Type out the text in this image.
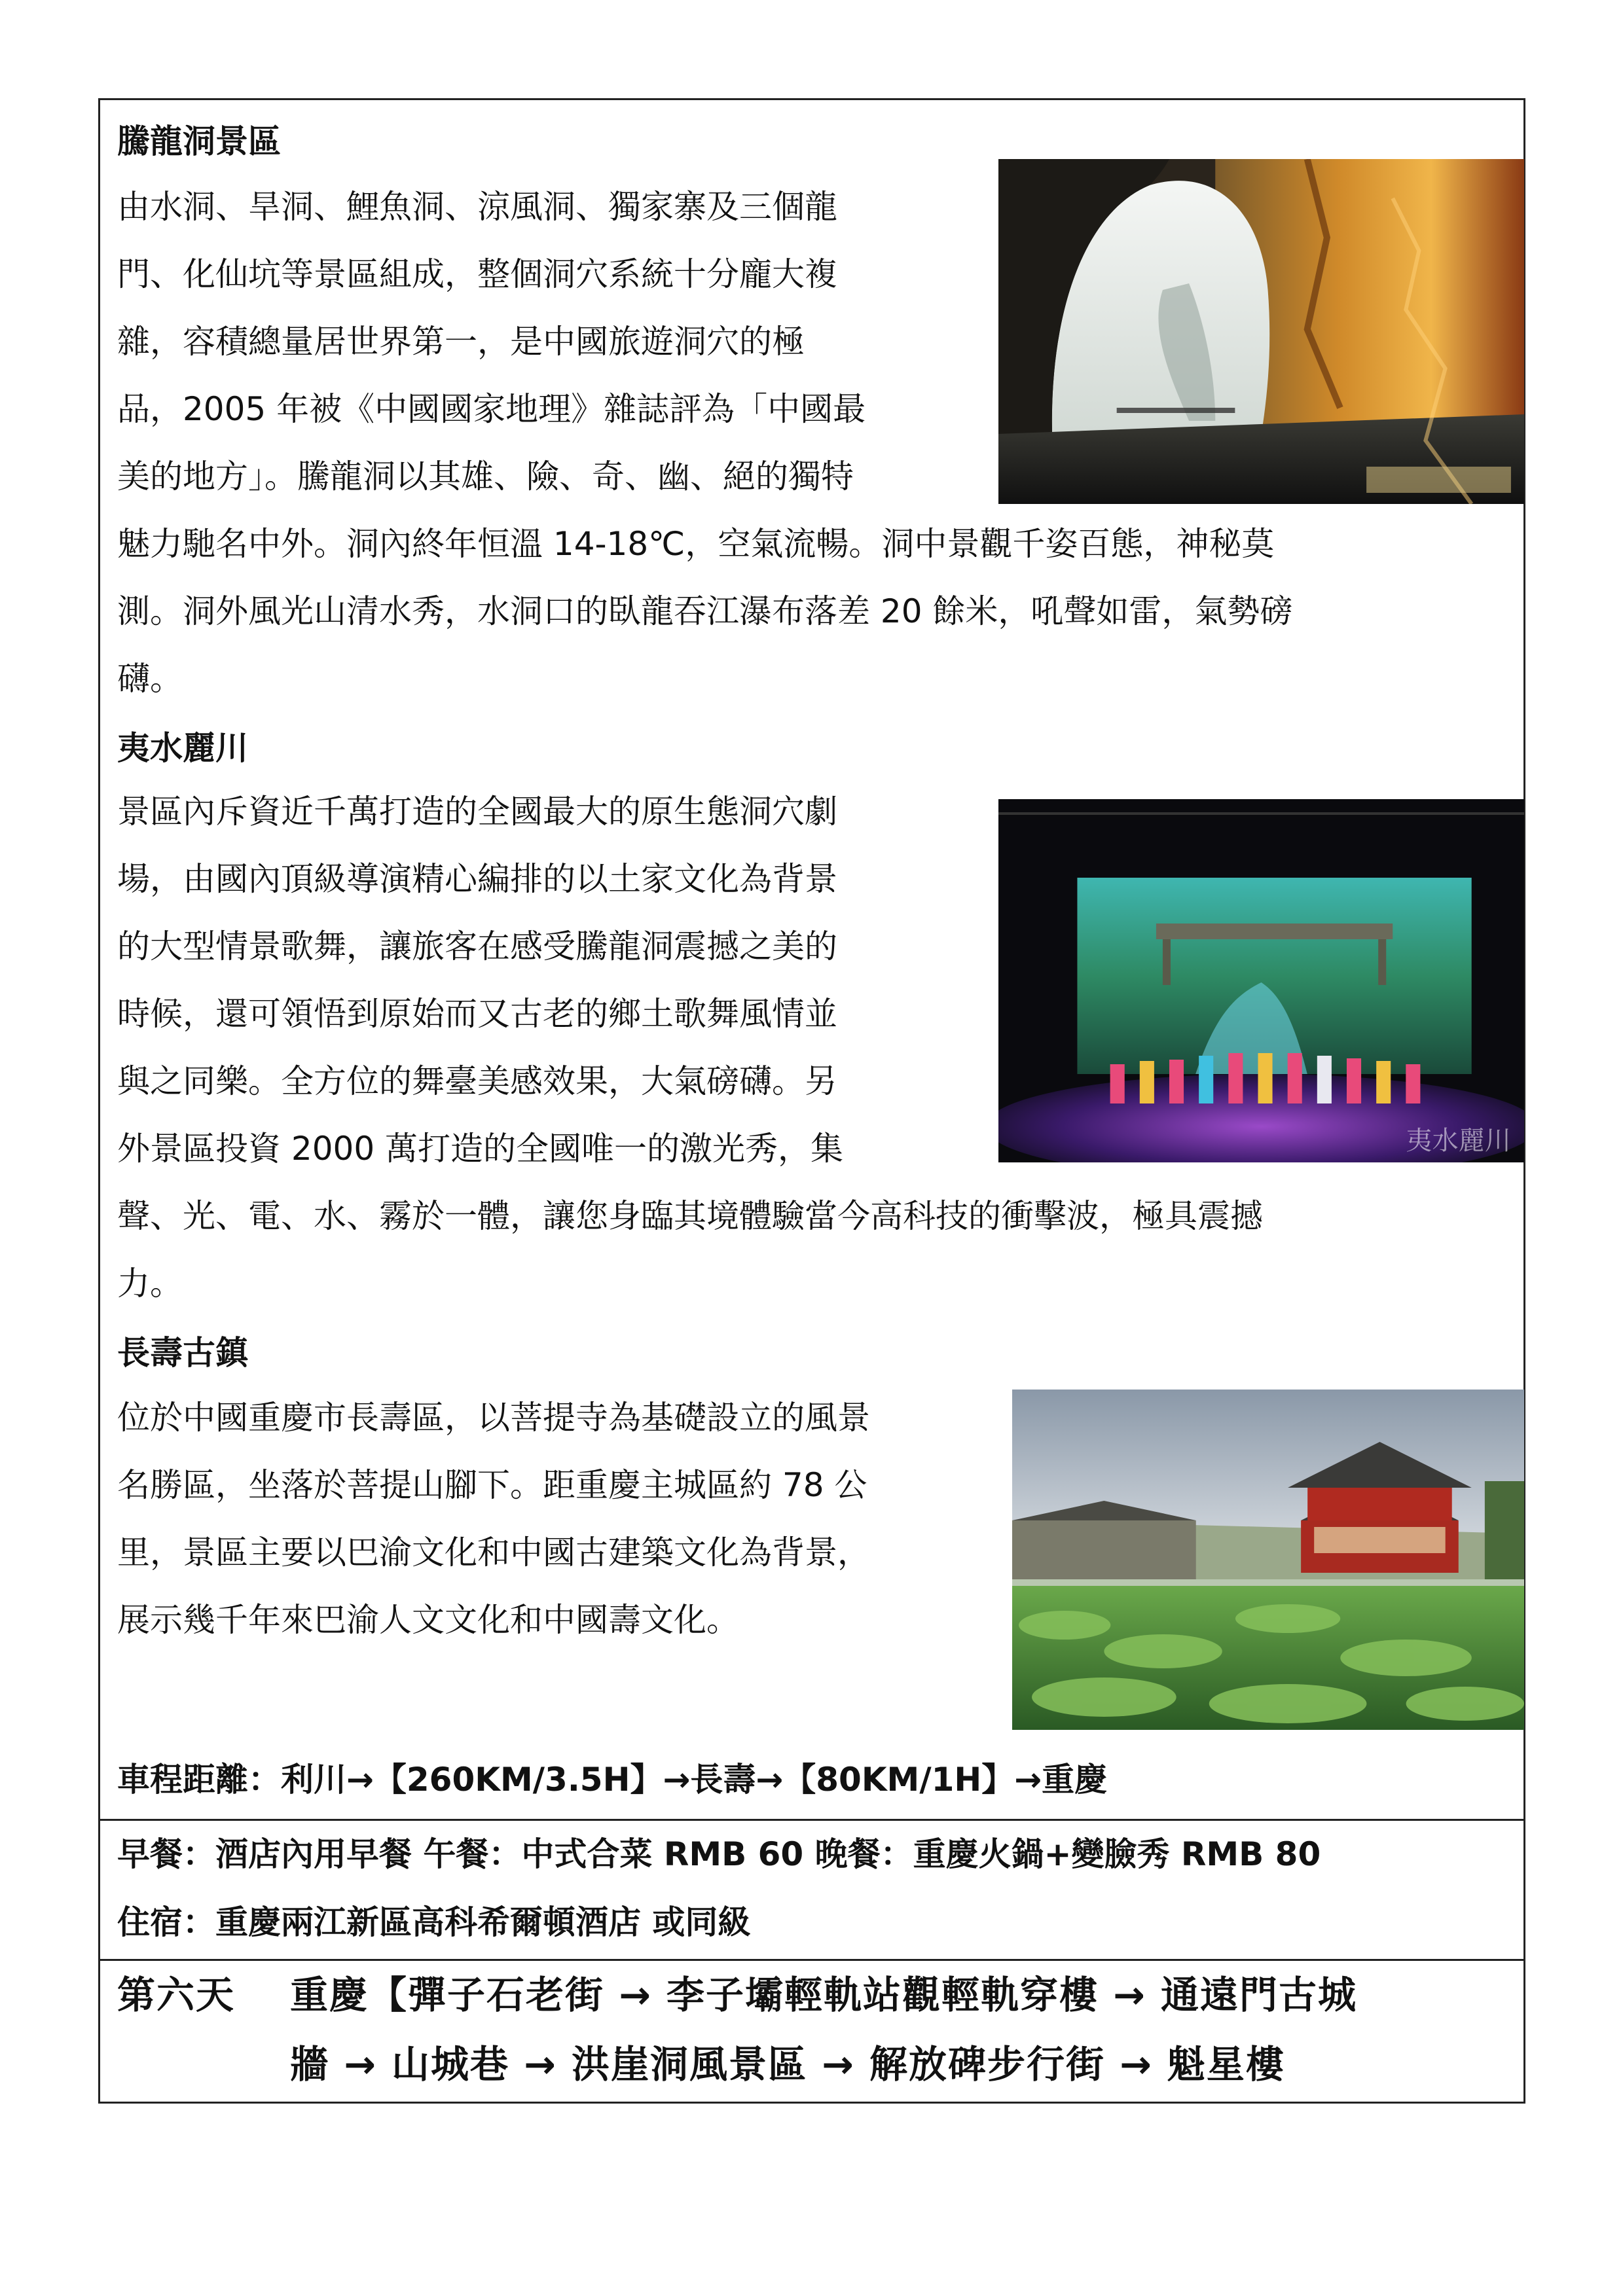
騰龍洞景區
由水洞、旱洞、鯉魚洞、涼風洞、獨家寨及三個龍
門、化仙坑等景區組成，整個洞穴系統十分龐大複
雜，容積總量居世界第一，是中國旅遊洞穴的極
品，2005 年被《中國國家地理》雜誌評為「中國最
美的地方」。騰龍洞以其雄、險、奇、幽、絕的獨特
魅力馳名中外。洞內終年恒溫 14-18℃，空氣流暢。洞中景觀千姿百態，神秘莫
測。洞外風光山清水秀，水洞口的臥龍吞江瀑布落差 20 餘米，吼聲如雷，氣勢磅
礴。
夷水麗川
景區內斥資近千萬打造的全國最大的原生態洞穴劇
場，由國內頂級導演精心編排的以土家文化為背景
的大型情景歌舞，讓旅客在感受騰龍洞震撼之美的
時候，還可領悟到原始而又古老的鄉土歌舞風情並
與之同樂。全方位的舞臺美感效果，大氣磅礴。另
外景區投資 2000 萬打造的全國唯一的激光秀，集
聲、光、電、水、霧於一體，讓您身臨其境體驗當今高科技的衝擊波，極具震撼
力。
夷水麗川
長壽古鎮
位於中國重慶市長壽區，以菩提寺為基礎設立的風景
名勝區，坐落於菩提山腳下。距重慶主城區約 78 公
里，景區主要以巴渝文化和中國古建築文化為背景，
展示幾千年來巴渝人文文化和中國壽文化。
車程距離：利川→【260KM/3.5H】→長壽→【80KM/1H】→重慶
早餐：酒店內用早餐 午餐：中式合菜 RMB 60 晚餐：重慶火鍋+變臉秀 RMB 80
住宿：重慶兩江新區高科希爾頓酒店 或同級
第六天 重慶【彈子石老街 → 李子壩輕軌站觀輕軌穿樓 → 通遠門古城
牆 → 山城巷 → 洪崖洞風景區 → 解放碑步行街 → 魁星樓
